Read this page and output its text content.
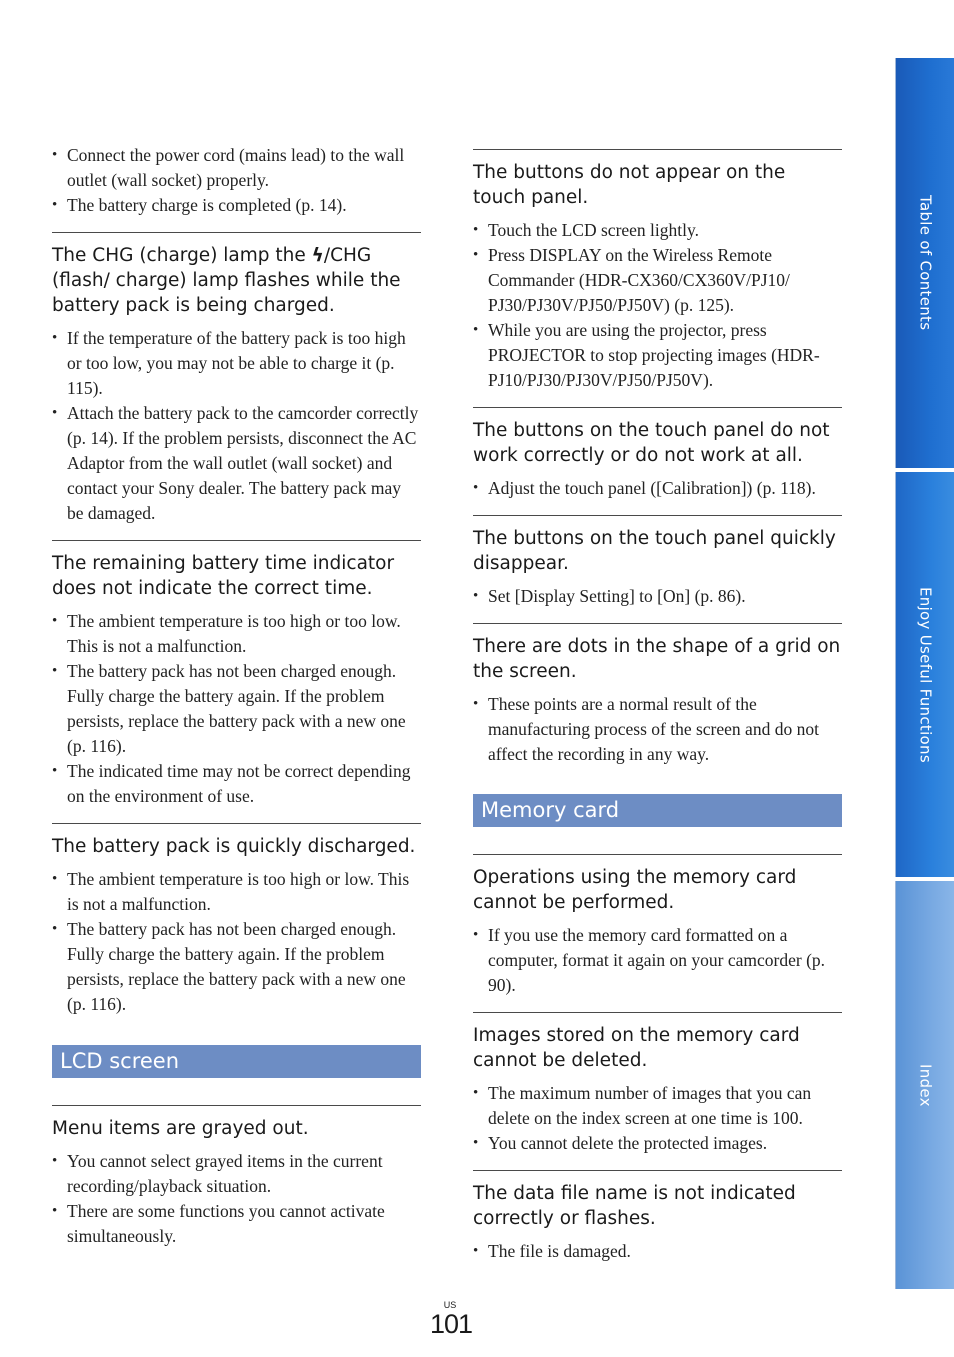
• Connect the power cord (mains lead) to the wall outlet (wall socket) properly.
• The battery charge is completed (p. 14).

The CHG (charge) lamp the ϟ/CHG (flash/ charge) lamp flashes while the battery pack is being charged.

• If the temperature of the battery pack is too high or too low, you may not be able to charge it (p. 115).
• Attach the battery pack to the camcorder correctly (p. 14). If the problem persists, disconnect the AC Adaptor from the wall outlet (wall socket) and contact your Sony dealer. The battery pack may be damaged.

The remaining battery time indicator does not indicate the correct time.

• The ambient temperature is too high or too low. This is not a malfunction.
• The battery pack has not been charged enough. Fully charge the battery again. If the problem persists, replace the battery pack with a new one (p. 116).
• The indicated time may not be correct depending on the environment of use.

The battery pack is quickly discharged.

• The ambient temperature is too high or low. This is not a malfunction.
• The battery pack has not been charged enough. Fully charge the battery again. If the problem persists, replace the battery pack with a new one (p. 116).
LCD screen

Menu items are grayed out.

• You cannot select grayed items in the current recording/playback situation.
• There are some functions you cannot activate simultaneously.

The buttons do not appear on the touch panel.

• Touch the LCD screen lightly.
• Press DISPLAY on the Wireless Remote Commander (HDR-CX360/CX360V/PJ10/ PJ30/PJ30V/PJ50/PJ50V) (p. 125).
• While you are using the projector, press PROJECTOR to stop projecting images (HDR-PJ10/PJ30/PJ30V/PJ50/PJ50V).

The buttons on the touch panel do not work correctly or do not work at all.

• Adjust the touch panel ([Calibration]) (p. 118).

The buttons on the touch panel quickly disappear.

• Set [Display Setting] to [On] (p. 86).

There are dots in the shape of a grid on the screen.

• These points are a normal result of the manufacturing process of the screen and do not affect the recording in any way.
Memory card

Operations using the memory card cannot be performed.

• If you use the memory card formatted on a computer, format it again on your camcorder (p. 90).

Images stored on the memory card cannot be deleted.

• The maximum number of images that you can delete on the index screen at one time is 100.
• You cannot delete the protected images.

The data file name is not indicated correctly or flashes.

• The file is damaged.
Table of Contents
Enjoy Useful Functions
Index
US
101
